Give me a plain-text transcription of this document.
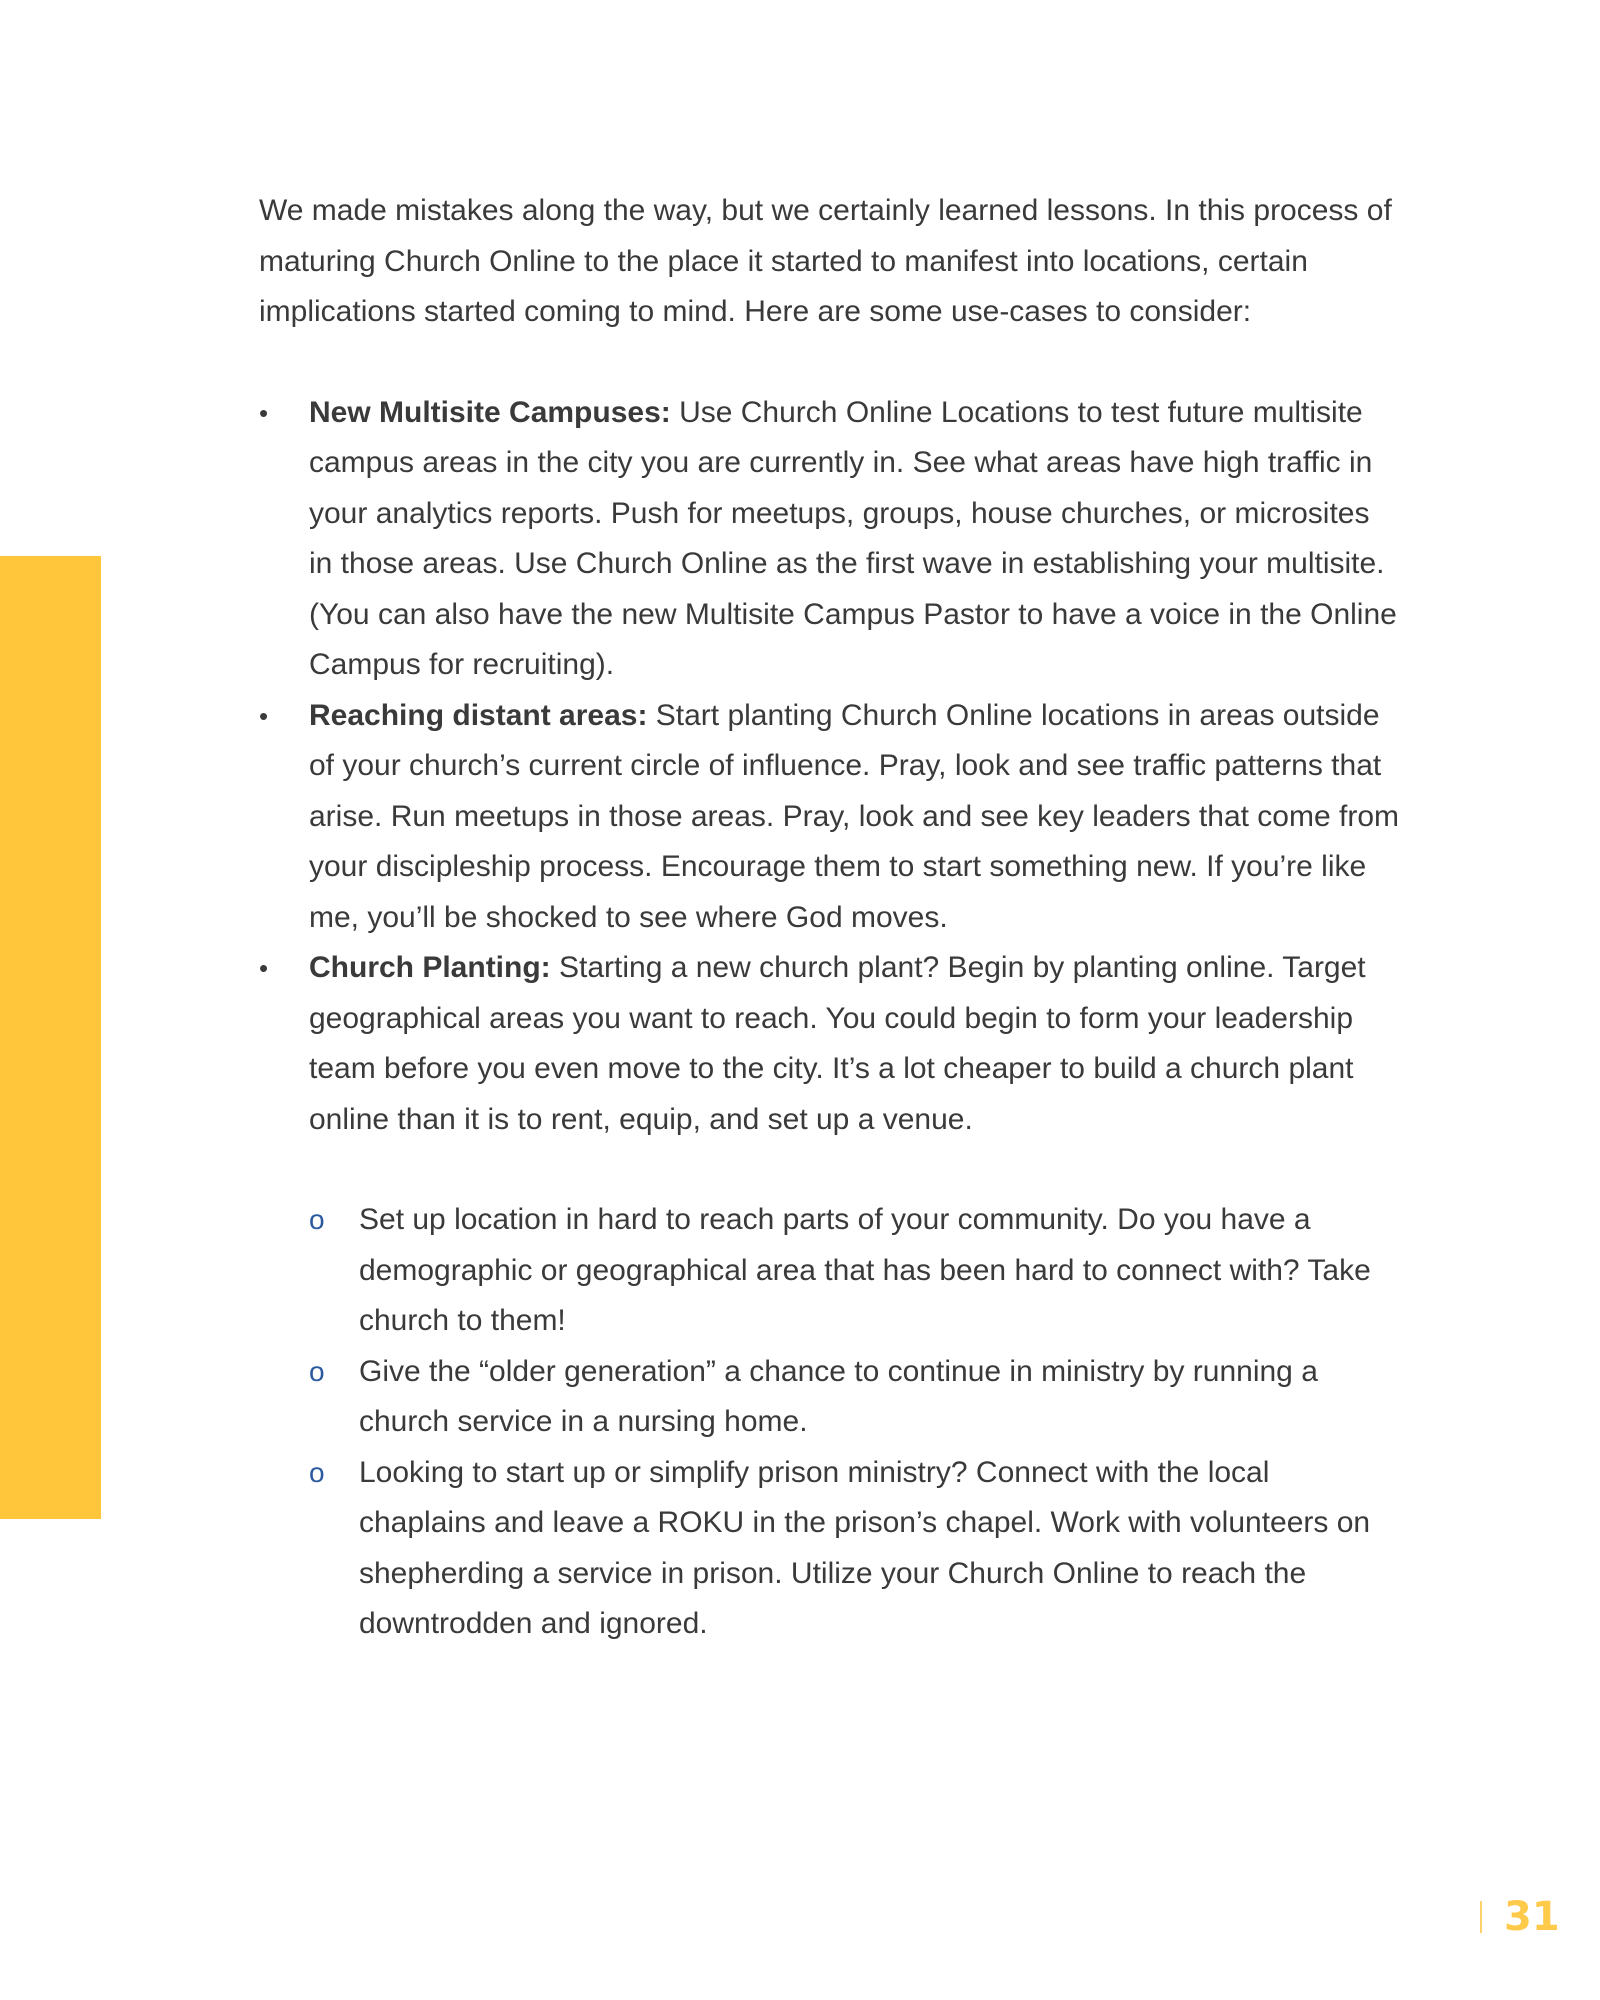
We made mistakes along the way, but we certainly learned lessons. In this process of maturing Church Online to the place it started to manifest into locations, certain implications started coming to mind. Here are some use-cases to consider:

•	New Multisite Campuses: Use Church Online Locations to test future multisite campus areas in the city you are currently in. See what areas have high traffic in your analytics reports. Push for meetups, groups, house churches, or microsites in those areas. Use Church Online as the first wave in establishing your multisite. (You can also have the new Multisite Campus Pastor to have a voice in the Online Campus for recruiting).
•	Reaching distant areas: Start planting Church Online locations in areas outside of your church’s current circle of influence. Pray, look and see traffic patterns that arise. Run meetups in those areas. Pray, look and see key leaders that come from your discipleship process. Encourage them to start something new. If you’re like me, you’ll be shocked to see where God moves.
•	Church Planting: Starting a new church plant? Begin by planting online. Target geographical areas you want to reach. You could begin to form your leadership team before you even move to the city. It’s a lot cheaper to build a church plant online than it is to rent, equip, and set up a venue.
o	Set up location in hard to reach parts of your community. Do you have a demographic or geographical area that has been hard to connect with? Take church to them!
o	Give the “older generation” a chance to continue in ministry by running a church service in a nursing home.
o	Looking to start up or simplify prison ministry? Connect with the local chaplains and leave a ROKU in the prison’s chapel. Work with volunteers on shepherding a service in prison. Utilize your Church Online to reach the downtrodden and ignored.
31
